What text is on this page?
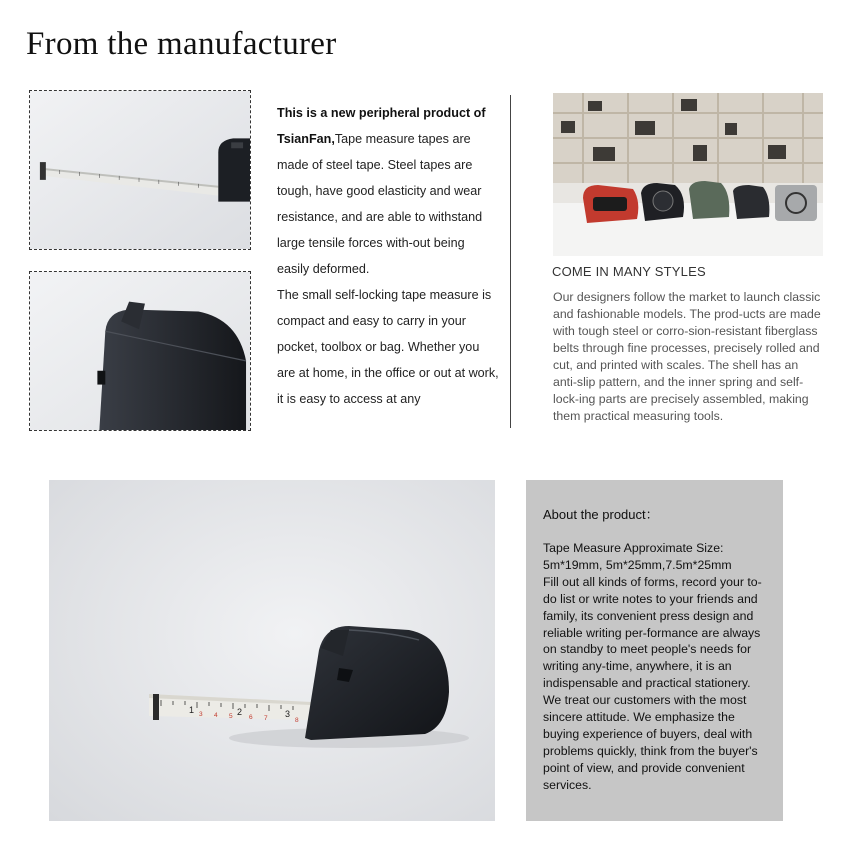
From the manufacturer

This is a new peripheral product of TsianFan,Tape measure tapes are made of steel tape. Steel tapes are tough, have good elasticity and wear resistance, and are able to withstand large tensile forces with-out being easily deformed.

The small self-locking tape measure is compact and easy to carry in your pocket, toolbox or bag. Whether you are at home, in the office or out at work, it is easy to access at any

COME IN MANY STYLES

Our designers follow the market to launch classic and fashionable models. The prod-ucts are made with tough steel or corro-sion-resistant fiberglass belts through fine processes, precisely rolled and cut, and printed with scales. The shell has an anti-slip pattern, and the inner spring and self-lock-ing parts are precisely assembled, making them practical measuring tools.

1	2	3
3 4 5	6 7	8
About the product：

Tape Measure Approximate Size:
5m*19mm, 5m*25mm,7.5m*25mm
Fill out all kinds of forms, record your to-do list or write notes to your friends and family, its convenient press design and reliable writing per-formance are always on standby to meet people's needs for writing any-time, anywhere, it is an indispensable and practical stationery.
We treat our customers with the most sincere attitude. We emphasize the buying experience of buyers, deal with problems quickly, think from the buyer's point of view, and provide convenient services.
